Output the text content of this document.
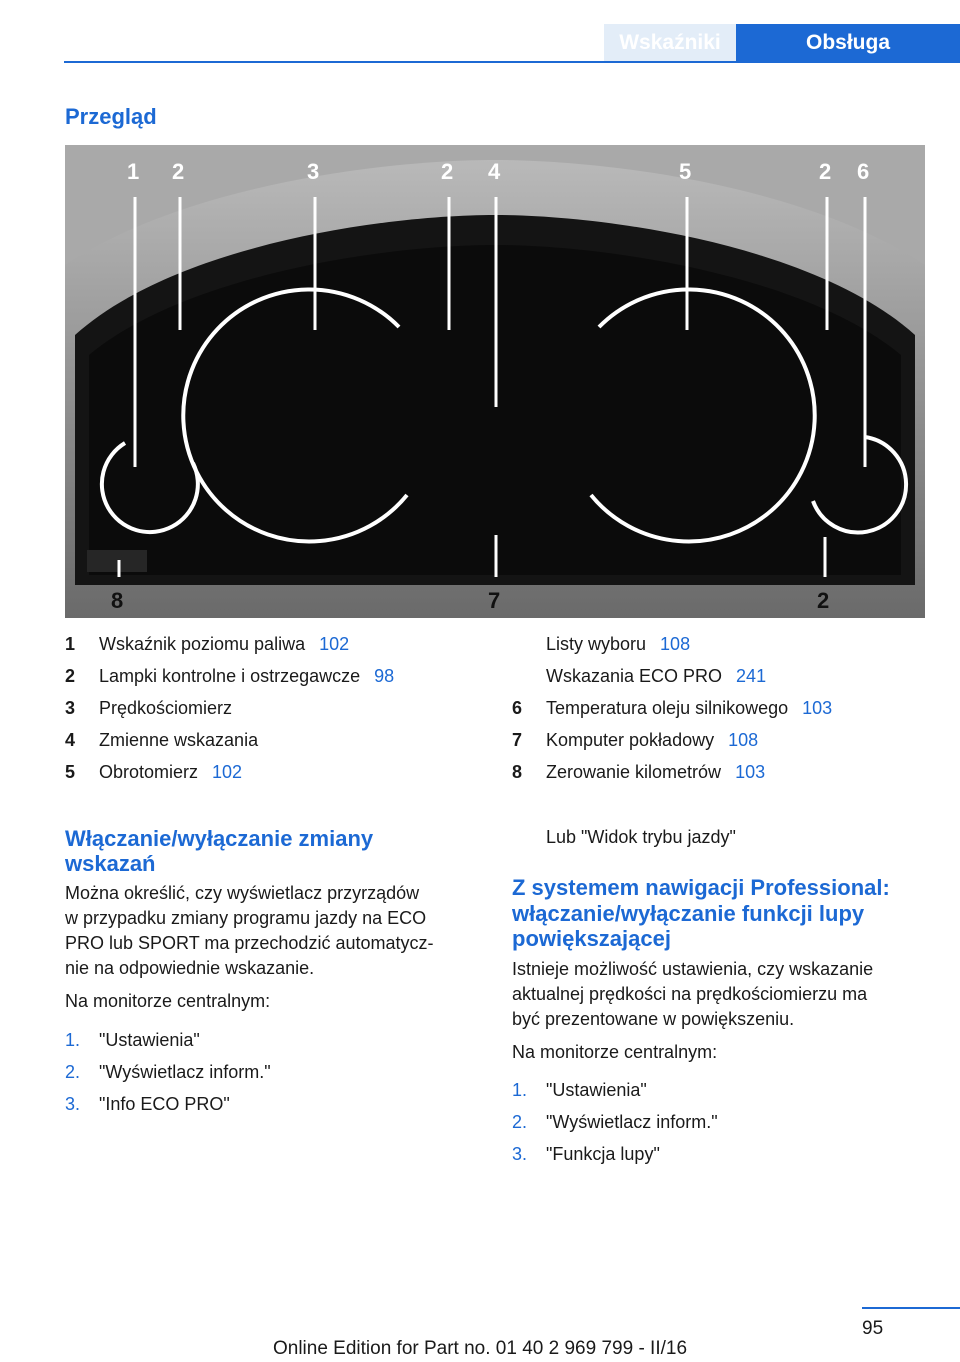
Wskaźniki	Obsługa
Przegląd
1 2	3	2 4	5	2 6
8	7	2
1 Wskaźnik poziomu paliwa 102
2 Lampki kontrolne i ostrzegawcze 98
3 Prędkościomierz
4 Zmienne wskazania
5 Obrotomierz 102
Listy wyboru 108
Wskazania ECO PRO 241
6 Temperatura oleju silnikowego 103
7 Komputer pokładowy 108
8 Zerowanie kilometrów 103
Lub "Widok trybu jazdy"
Włączanie/wyłączanie zmiany
wskazań
Można określić, czy wyświetlacz przyrządów
w przypadku zmiany programu jazdy na ECO
PRO lub SPORT ma przechodzić automatycz‐
nie na odpowiednie wskazanie.
Na monitorze centralnym:
1. "Ustawienia"
2. "Wyświetlacz inform."
3. "Info ECO PRO"
Z systemem nawigacji Professional:
włączanie/wyłączanie funkcji lupy
powiększającej
Istnieje możliwość ustawienia, czy wskazanie
aktualnej prędkości na prędkościomierzu ma
być prezentowane w powiększeniu.
Na monitorze centralnym:
1. "Ustawienia"
2. "Wyświetlacz inform."
3. "Funkcja lupy"
95
Online Edition for Part no. 01 40 2 969 799 - II/16
